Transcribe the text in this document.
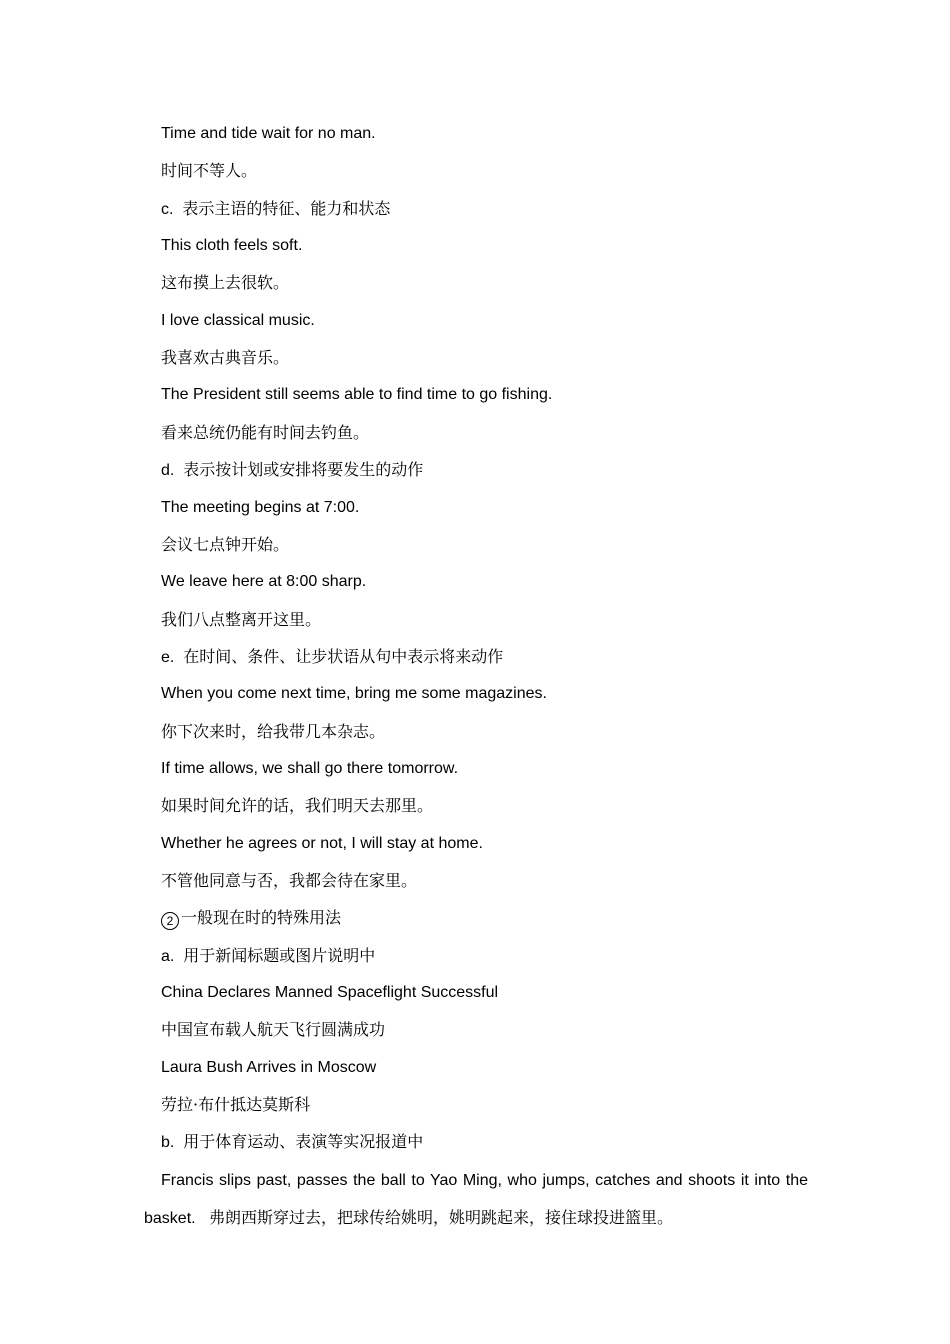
Time and tide wait for no man.
时间不等人。
c. 表示主语的特征、能力和状态
This cloth feels soft.
这布摸上去很软。
I love classical music.
我喜欢古典音乐。
The President still seems able to find time to go fishing.
看来总统仍能有时间去钓鱼。
d. 表示按计划或安排将要发生的动作
The meeting begins at 7:00.
会议七点钟开始。
We leave here at 8:00 sharp.
我们八点整离开这里。
e. 在时间、条件、让步状语从句中表示将来动作
When you come next time, bring me some magazines.
你下次来时，给我带几本杂志。
If time allows, we shall go there tomorrow.
如果时间允许的话，我们明天去那里。
Whether he agrees or not, I will stay at home.
不管他同意与否，我都会待在家里。
2 一般现在时的特殊用法
a. 用于新闻标题或图片说明中
China Declares Manned Spaceflight Successful
中国宣布载人航天飞行圆满成功
Laura Bush Arrives in Moscow
劳拉·布什抵达莫斯科
b. 用于体育运动、表演等实况报道中
Francis slips past, passes the ball to Yao Ming, who jumps, catches and shoots it into the basket. 弗朗西斯穿过去，把球传给姚明，姚明跳起来，接住球投进篮里。
